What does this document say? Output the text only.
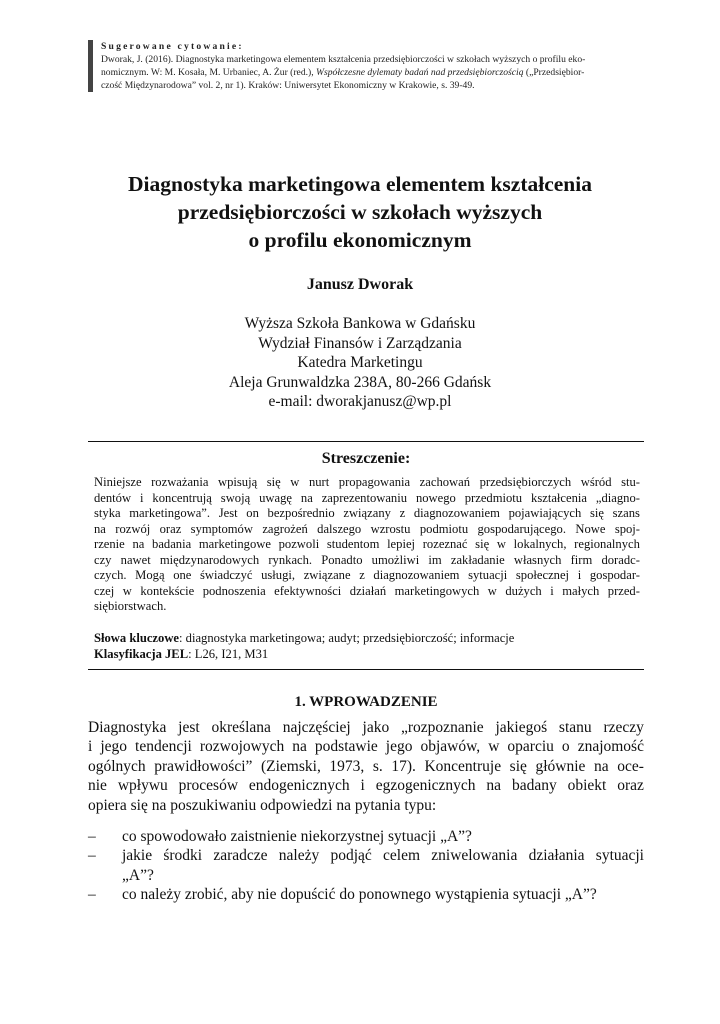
Sugerowane cytowanie:
Dworak, J. (2016). Diagnostyka marketingowa elementem kształcenia przedsiębiorczości w szkołach wyższych o profilu eko-
nomicznym. W: M. Kosała, M. Urbaniec, A. Żur (red.), Współczesne dylematy badań nad przedsiębiorczością („Przedsiębior-
czość Międzynarodowa” vol. 2, nr 1). Kraków: Uniwersytet Ekonomiczny w Krakowie, s. 39-49.
Diagnostyka marketingowa elementem kształcenia
przedsiębiorczości w szkołach wyższych
o profilu ekonomicznym
Janusz Dworak
Wyższa Szkoła Bankowa w Gdańsku
Wydział Finansów i Zarządzania
Katedra Marketingu
Aleja Grunwaldzka 238A, 80-266 Gdańsk
e-mail: dworakjanusz@wp.pl
Streszczenie:
Niniejsze rozważania wpisują się w nurt propagowania zachowań przedsiębiorczych wśród stu-
dentów i koncentrują swoją uwagę na zaprezentowaniu nowego przedmiotu kształcenia „diagno-
styka marketingowa”. Jest on bezpośrednio związany z diagnozowaniem pojawiających się szans
na rozwój oraz symptomów zagrożeń dalszego wzrostu podmiotu gospodarującego. Nowe spoj-
rzenie na badania marketingowe pozwoli studentom lepiej rozeznać się w lokalnych, regionalnych
czy nawet międzynarodowych rynkach. Ponadto umożliwi im zakładanie własnych firm doradc-
czych. Mogą one świadczyć usługi, związane z diagnozowaniem sytuacji społecznej i gospodar-
czej w kontekście podnoszenia efektywności działań marketingowych w dużych i małych przed-
siębiorstwach.
Słowa kluczowe: diagnostyka marketingowa; audyt; przedsiębiorczość; informacje
Klasyfikacja JEL: L26, I21, M31
1. WPROWADZENIE
Diagnostyka jest określana najczęściej jako „rozpoznanie jakiegoś stanu rzeczy
i jego tendencji rozwojowych na podstawie jego objawów, w oparciu o znajomość
ogólnych prawidłowości” (Ziemski, 1973, s. 17). Koncentruje się głównie na oce-
nie wpływu procesów endogenicznych i egzogenicznych na badany obiekt oraz
opiera się na poszukiwaniu odpowiedzi na pytania typu:
–	co spowodowało zaistnienie niekorzystnej sytuacji „A”?
–	jakie środki zaradcze należy podjąć celem zniwelowania działania sytuacji
„A”?
–	co należy zrobić, aby nie dopuścić do ponownego wystąpienia sytuacji „A”?
